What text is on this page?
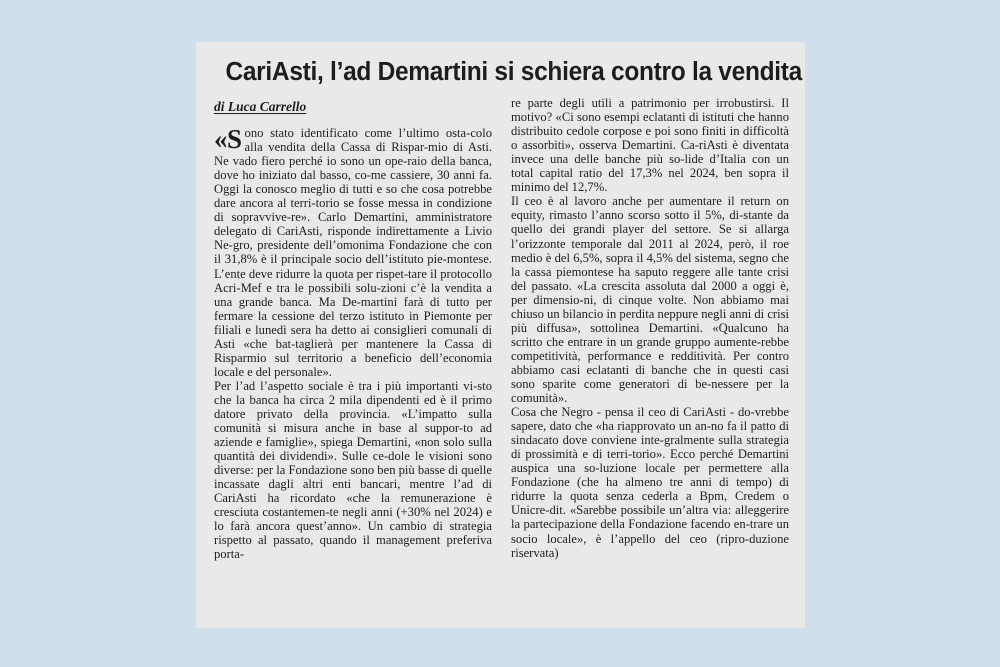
CariAsti, l’ad Demartini si schiera contro la vendita
di Luca Carrello

«Sono stato identificato come l’ultimo osta-colo alla vendita della Cassa di Rispar-mio di Asti. Ne vado fiero perché io sono un ope-raio della banca, dove ho iniziato dal basso, co-me cassiere, 30 anni fa. Oggi la conosco meglio di tutti e so che cosa potrebbe dare ancora al terri-torio se fosse messa in condizione di sopravvive-re». Carlo Demartini, amministratore delegato di CariAsti, risponde indirettamente a Livio Ne-gro, presidente dell’omonima Fondazione che con il 31,8% è il principale socio dell’istituto pie-montese. L’ente deve ridurre la quota per rispet-tare il protocollo Acri-Mef e tra le possibili solu-zioni c’è la vendita a una grande banca. Ma De-martini farà di tutto per fermare la cessione del terzo istituto in Piemonte per filiali e lunedì sera ha detto ai consiglieri comunali di Asti «che bat-taglierà per mantenere la Cassa di Risparmio sul territorio a beneficio dell’economia locale e del personale».

Per l’ad l’aspetto sociale è tra i più importanti vi-sto che la banca ha circa 2 mila dipendenti ed è il primo datore privato della provincia. «L’impatto sulla comunità si misura anche in base al suppor-to ad aziende e famiglie», spiega Demartini, «non solo sulla quantità dei dividendi». Sulle ce-dole le visioni sono diverse: per la Fondazione sono ben più basse di quelle incassate dagli altri enti bancari, mentre l’ad di CariAsti ha ricordato «che la remunerazione è cresciuta costantemen-te negli anni (+30% nel 2024) e lo farà ancora quest’anno». Un cambio di strategia rispetto al passato, quando il management preferiva porta-

re parte degli utili a patrimonio per irrobustirsi. Il motivo? «Ci sono esempi eclatanti di istituti che hanno distribuito cedole corpose e poi sono finiti in difficoltà o assorbiti», osserva Demartini. Ca-riAsti è diventata invece una delle banche più so-lide d’Italia con un total capital ratio del 17,3% nel 2024, ben sopra il minimo del 12,7%.

Il ceo è al lavoro anche per aumentare il return on equity, rimasto l’anno scorso sotto il 5%, di-stante da quello dei grandi player del settore. Se si allarga l’orizzonte temporale dal 2011 al 2024, però, il roe medio è del 6,5%, sopra il 4,5% del sistema, segno che la cassa piemontese ha saputo reggere alle tante crisi del passato. «La crescita assoluta dal 2000 a oggi è, per dimensio-ni, di cinque volte. Non abbiamo mai chiuso un bilancio in perdita neppure negli anni di crisi più diffusa», sottolinea Demartini. «Qualcuno ha scritto che entrare in un grande gruppo aumente-rebbe competitività, performance e redditività. Per contro abbiamo casi eclatanti di banche che in questi casi sono sparite come generatori di be-nessere per la comunità».

Cosa che Negro - pensa il ceo di CariAsti - do-vrebbe sapere, dato che «ha riapprovato un an-no fa il patto di sindacato dove conviene inte-gralmente sulla strategia di prossimità e di terri-torio». Ecco perché Demartini auspica una so-luzione locale per permettere alla Fondazione (che ha almeno tre anni di tempo) di ridurre la quota senza cederla a Bpm, Credem o Unicre-dit. «Sarebbe possibile un’altra via: alleggerire la partecipazione della Fondazione facendo en-trare un socio locale», è l’appello del ceo (ripro-duzione riservata)
